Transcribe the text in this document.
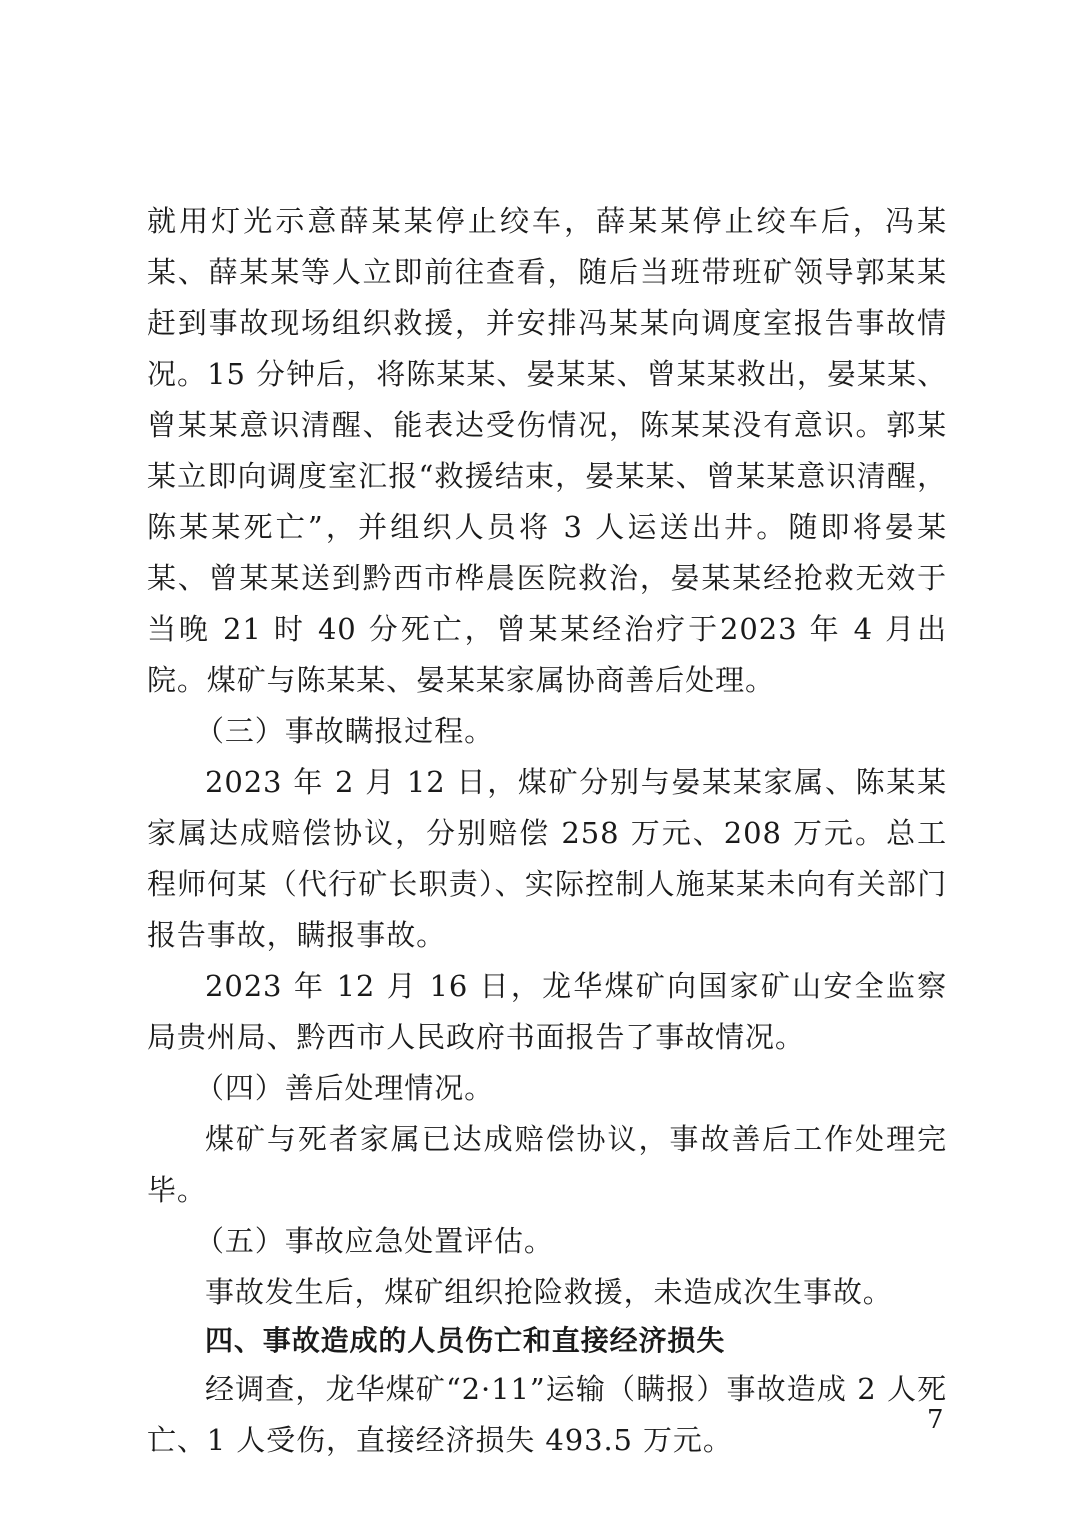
就用灯光示意薛某某停止绞车，薛某某停止绞车后，冯某某、薛某某等人立即前往查看，随后当班带班矿领导郭某某赶到事故现场组织救援，并安排冯某某向调度室报告事故情况。15 分钟后，将陈某某、晏某某、曾某某救出，晏某某、曾某某意识清醒、能表达受伤情况，陈某某没有意识。郭某某立即向调度室汇报“救援结束，晏某某、曾某某意识清醒，陈某某死亡”，并组织人员将 3 人运送出井。随即将晏某某、曾某某送到黔西市桦晨医院救治，晏某某经抢救无效于当晚 21 时 40 分死亡，曾某某经治疗于2023 年 4 月出院。煤矿与陈某某、晏某某家属协商善后处理。

（三）事故瞒报过程。

2023 年 2 月 12 日，煤矿分别与晏某某家属、陈某某家属达成赔偿协议，分别赔偿 258 万元、208 万元。总工程师何某（代行矿长职责）、实际控制人施某某未向有关部门报告事故，瞒报事故。

2023 年 12 月 16 日，龙华煤矿向国家矿山安全监察局贵州局、黔西市人民政府书面报告了事故情况。

（四）善后处理情况。

煤矿与死者家属已达成赔偿协议，事故善后工作处理完毕。

（五）事故应急处置评估。

事故发生后，煤矿组织抢险救援，未造成次生事故。

四、事故造成的人员伤亡和直接经济损失

经调查，龙华煤矿“2·11”运输（瞒报）事故造成 2 人死亡、1 人受伤，直接经济损失 493.5 万元。

7
